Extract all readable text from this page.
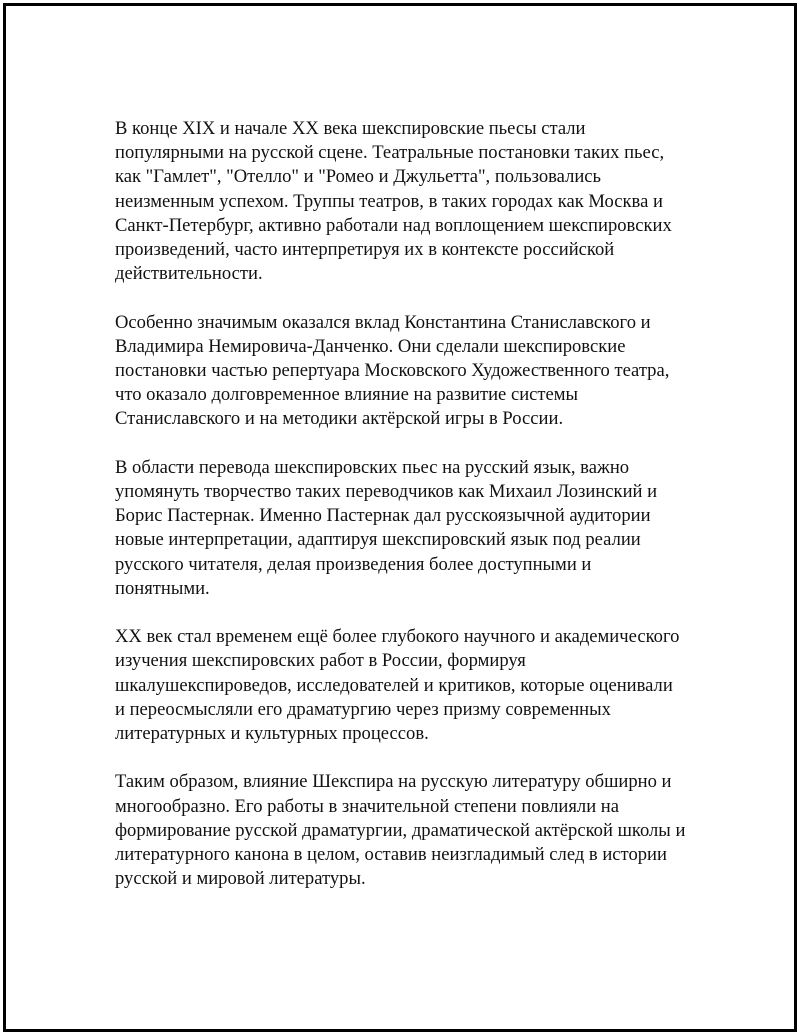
В конце XIX и начале XX века шекспировские пьесы стали популярными на русской сцене. Театральные постановки таких пьес, как "Гамлет", "Отелло" и "Ромео и Джульетта", пользовались неизменным успехом. Труппы театров, в таких городах как Москва и Санкт-Петербург, активно работали над воплощением шекспировских произведений, часто интерпретируя их в контексте российской действительности.

Особенно значимым оказался вклад Константина Станиславского и Владимира Немировича-Данченко. Они сделали шекспировские постановки частью репертуара Московского Художественного театра, что оказало долговременное влияние на развитие системы Станиславского и на методики актёрской игры в России.

В области перевода шекспировских пьес на русский язык, важно упомянуть творчество таких переводчиков как Михаил Лозинский и Борис Пастернак. Именно Пастернак дал русскоязычной аудитории новые интерпретации, адаптируя шекспировский язык под реалии русского читателя, делая произведения более доступными и понятными.

XX век стал временем ещё более глубокого научного и академического изучения шекспировских работ в России, формируя шкалушекспироведов, исследователей и критиков, которые оценивали и переосмысляли его драматургию через призму современных литературных и культурных процессов.

Таким образом, влияние Шекспира на русскую литературу обширно и многообразно. Его работы в значительной степени повлияли на формирование русской драматургии, драматической актёрской школы и литературного канона в целом, оставив неизгладимый след в истории русской и мировой литературы.
